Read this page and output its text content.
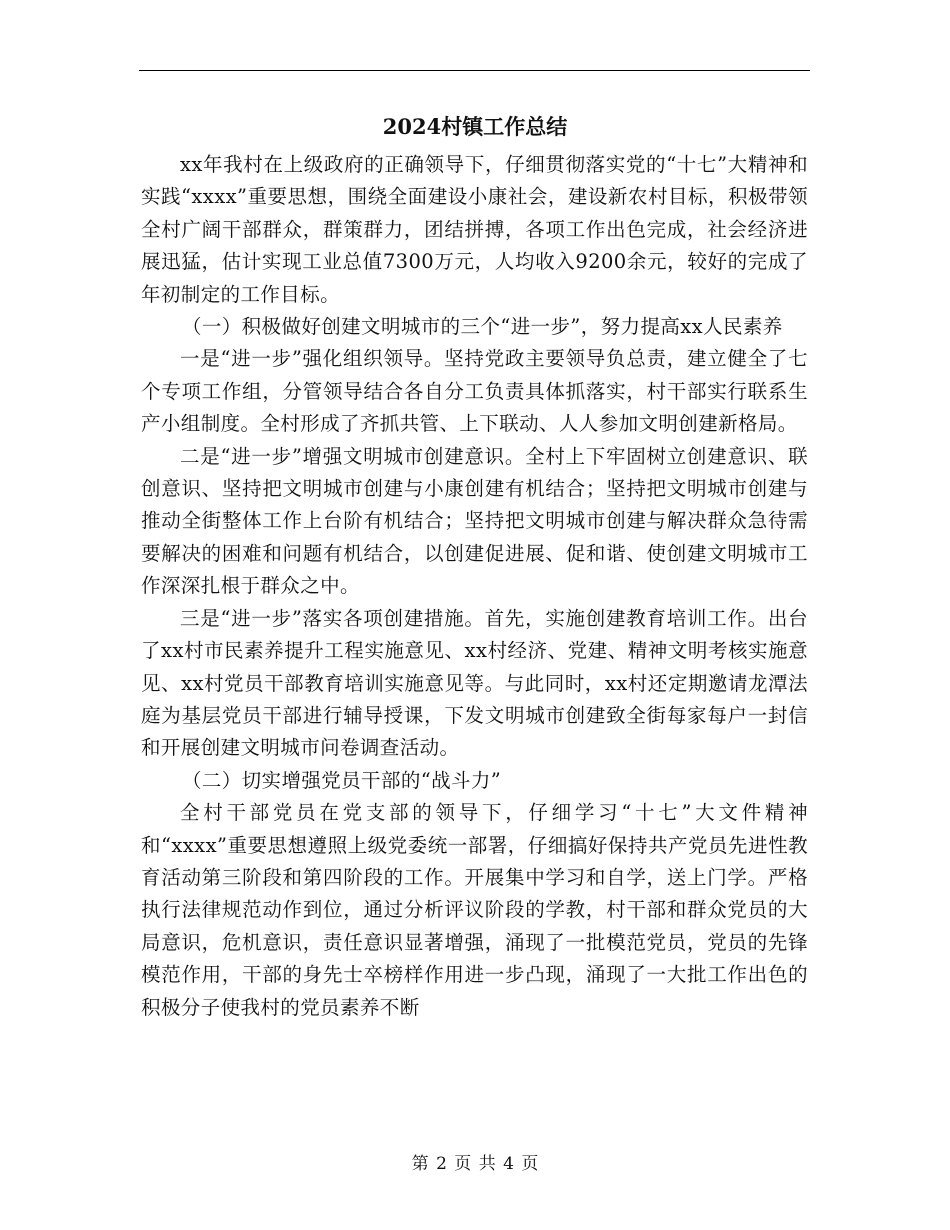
2024村镇工作总结

xx年我村在上级政府的正确领导下，仔细贯彻落实党的“十七”大精神和实践“xxxx”重要思想，围绕全面建设小康社会，建设新农村目标，积极带领全村广阔干部群众，群策群力，团结拼搏，各项工作出色完成，社会经济进展迅猛，估计实现工业总值7300万元，人均收入9200余元，较好的完成了年初制定的工作目标。

（一）积极做好创建文明城市的三个“进一步”，努力提高xx人民素养

一是“进一步”强化组织领导。坚持党政主要领导负总责，建立健全了七个专项工作组，分管领导结合各自分工负责具体抓落实，村干部实行联系生产小组制度。全村形成了齐抓共管、上下联动、人人参加文明创建新格局。

二是“进一步”增强文明城市创建意识。全村上下牢固树立创建意识、联创意识、坚持把文明城市创建与小康创建有机结合；坚持把文明城市创建与推动全街整体工作上台阶有机结合；坚持把文明城市创建与解决群众急待需要解决的困难和问题有机结合，以创建促进展、促和谐、使创建文明城市工作深深扎根于群众之中。

三是“进一步”落实各项创建措施。首先，实施创建教育培训工作。出台了xx村市民素养提升工程实施意见、xx村经济、党建、精神文明考核实施意见、xx村党员干部教育培训实施意见等。与此同时，xx村还定期邀请龙潭法庭为基层党员干部进行辅导授课，下发文明城市创建致全街每家每户一封信和开展创建文明城市问卷调查活动。

（二）切实增强党员干部的“战斗力”

全村干部党员在党支部的领导下，仔细学习“十七”大文件精神和“xxxx”重要思想遵照上级党委统一部署，仔细搞好保持共产党员先进性教育活动第三阶段和第四阶段的工作。开展集中学习和自学，送上门学。严格执行法律规范动作到位，通过分析评议阶段的学教，村干部和群众党员的大局意识，危机意识，责任意识显著增强，涌现了一批模范党员，党员的先锋模范作用，干部的身先士卒榜样作用进一步凸现，涌现了一大批工作出色的积极分子使我村的党员素养不断

第 2 页 共 4 页
